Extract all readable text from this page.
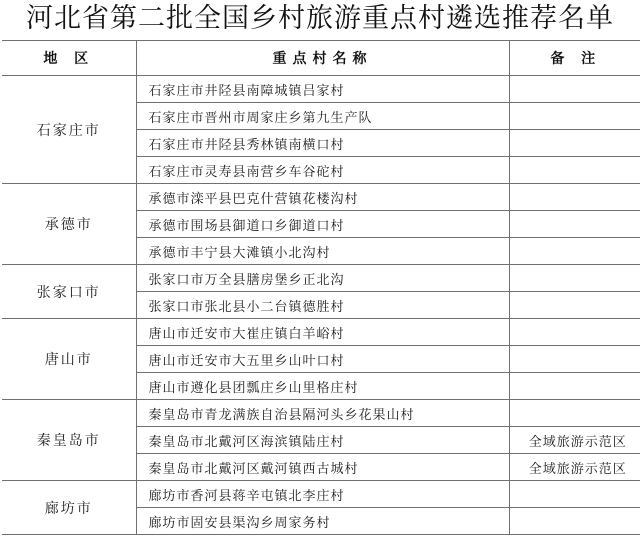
河北省第二批全国乡村旅游重点村遴选推荐名单
地 区	重点村名称	备 注
石家庄市	石家庄市井陉县南障城镇吕家村	
	石家庄市晋州市周家庄乡第九生产队	
	石家庄市井陉县秀林镇南横口村	
	石家庄市灵寿县南营乡车谷砣村	
承德市	承德市滦平县巴克什营镇花楼沟村	
	承德市围场县御道口乡御道口村	
	承德市丰宁县大滩镇小北沟村	
张家口市	张家口市万全县膳房堡乡正北沟	
	张家口市张北县小二台镇德胜村	
唐山市	唐山市迁安市大崔庄镇白羊峪村	
	唐山市迁安市大五里乡山叶口村	
	唐山市遵化县团瓢庄乡山里格庄村	
秦皇岛市	秦皇岛市青龙满族自治县隔河头乡花果山村	
	秦皇岛市北戴河区海滨镇陆庄村	全域旅游示范区
	秦皇岛市北戴河区戴河镇西古城村	全域旅游示范区
廊坊市	廊坊市香河县蒋辛屯镇北李庄村	
	廊坊市固安县渠沟乡周家务村	
